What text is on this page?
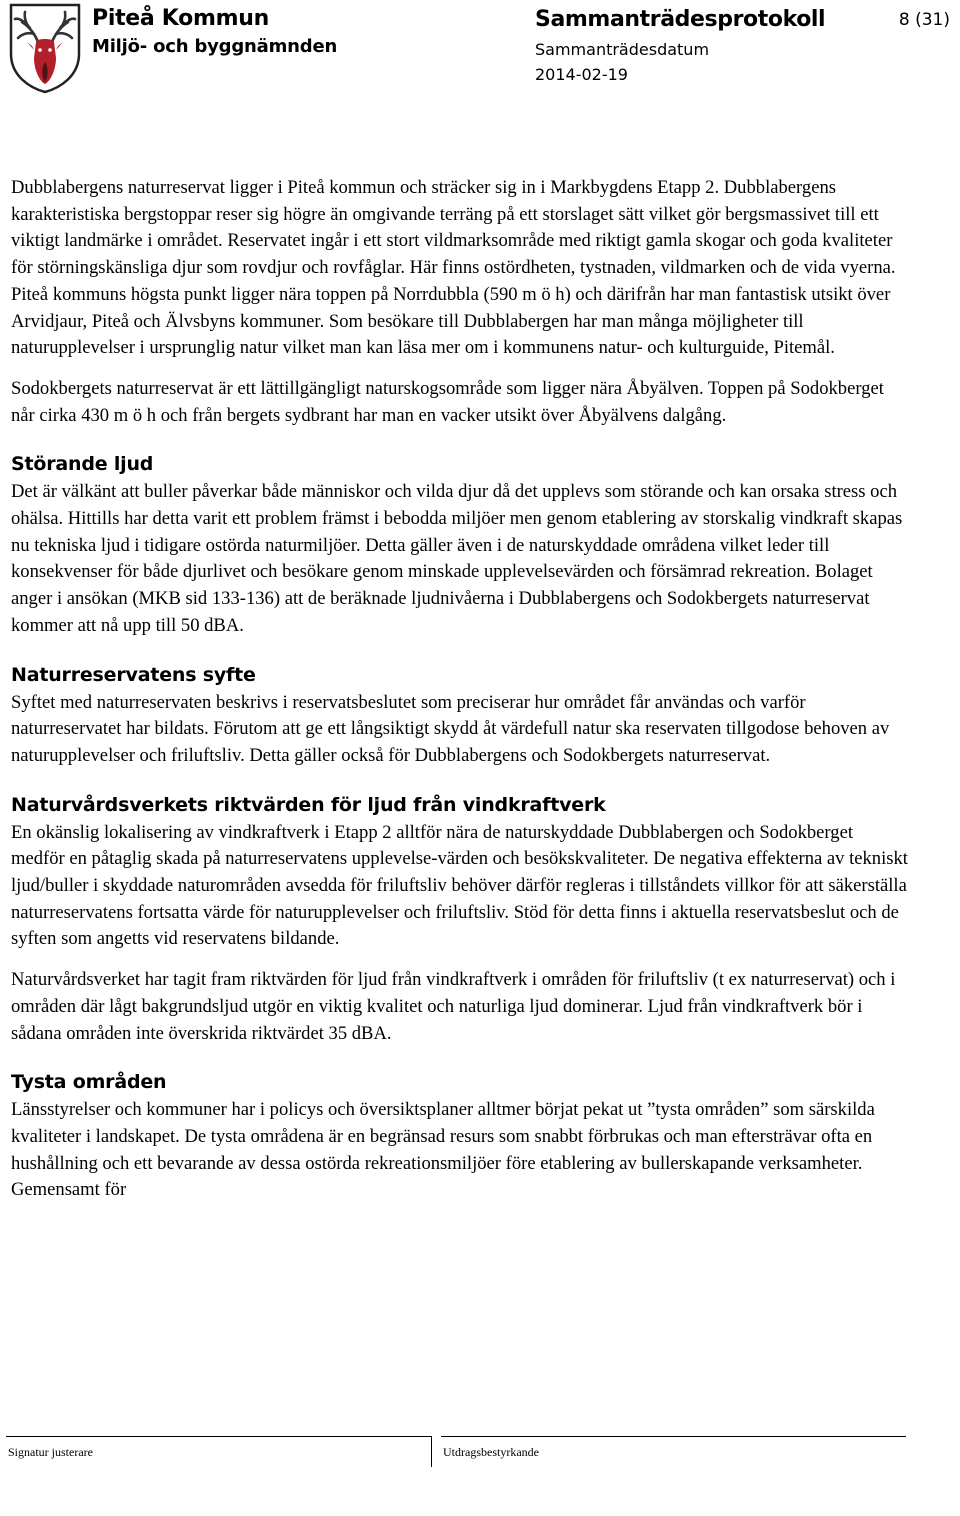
Piteå Kommun
Miljö- och byggnämnden
Sammanträdesprotokoll
Sammanträdesdatum
2014-02-19
8 (31)

Dubblabergens naturreservat ligger i Piteå kommun och sträcker sig in i Markbygdens Etapp 2. Dubblabergens karakteristiska bergstoppar reser sig högre än omgivande terräng på ett storslaget sätt vilket gör bergsmassivet till ett viktigt landmärke i området. Reservatet ingår i ett stort vildmarksområde med riktigt gamla skogar och goda kvaliteter för störningskänsliga djur som rovdjur och rovfåglar. Här finns ostördheten, tystnaden, vildmarken och de vida vyerna. Piteå kommuns högsta punkt ligger nära toppen på Norrdubbla (590 m ö h) och därifrån har man fantastisk utsikt över Arvidjaur, Piteå och Älvsbyns kommuner. Som besökare till Dubblabergen har man många möjligheter till naturupplevelser i ursprunglig natur vilket man kan läsa mer om i kommunens natur- och kulturguide, Pitemål.

Sodokbergets naturreservat är ett lättillgängligt naturskogsområde som ligger nära Åbyälven. Toppen på Sodokberget når cirka 430 m ö h och från bergets sydbrant har man en vacker utsikt över Åbyälvens dalgång.

Störande ljud

Det är välkänt att buller påverkar både människor och vilda djur då det upplevs som störande och kan orsaka stress och ohälsa. Hittills har detta varit ett problem främst i bebodda miljöer men genom etablering av storskalig vindkraft skapas nu tekniska ljud i tidigare ostörda naturmiljöer. Detta gäller även i de naturskyddade områdena vilket leder till konsekvenser för både djurlivet och besökare genom minskade upplevelsevärden och försämrad rekreation. Bolaget anger i ansökan (MKB sid 133-136) att de beräknade ljudnivåerna i Dubblabergens och Sodokbergets naturreservat kommer att nå upp till 50 dBA.

Naturreservatens syfte

Syftet med naturreservaten beskrivs i reservatsbeslutet som preciserar hur området får användas och varför naturreservatet har bildats. Förutom att ge ett långsiktigt skydd åt värdefull natur ska reservaten tillgodose behoven av naturupplevelser och friluftsliv. Detta gäller också för Dubblabergens och Sodokbergets naturreservat.

Naturvårdsverkets riktvärden för ljud från vindkraftverk

En okänslig lokalisering av vindkraftverk i Etapp 2 alltför nära de naturskyddade Dubblabergen och Sodokberget medför en påtaglig skada på naturreservatens upplevelse-värden och besökskvaliteter. De negativa effekterna av tekniskt ljud/buller i skyddade naturområden avsedda för friluftsliv behöver därför regleras i tillståndets villkor för att säkerställa naturreservatens fortsatta värde för naturupplevelser och friluftsliv. Stöd för detta finns i aktuella reservatsbeslut och de syften som angetts vid reservatens bildande.

Naturvårdsverket har tagit fram riktvärden för ljud från vindkraftverk i områden för friluftsliv (t ex naturreservat) och i områden där lågt bakgrundsljud utgör en viktig kvalitet och naturliga ljud dominerar. Ljud från vindkraftverk bör i sådana områden inte överskrida riktvärdet 35 dBA.

Tysta områden

Länsstyrelser och kommuner har i policys och översiktsplaner alltmer börjat pekat ut ”tysta områden” som särskilda kvaliteter i landskapet. De tysta områdena är en begränsad resurs som snabbt förbrukas och man eftersträvar ofta en hushållning och ett bevarande av dessa ostörda rekreationsmiljöer före etablering av bullerskapande verksamheter. Gemensamt för

Signatur justerare	Utdragsbestyrkande
